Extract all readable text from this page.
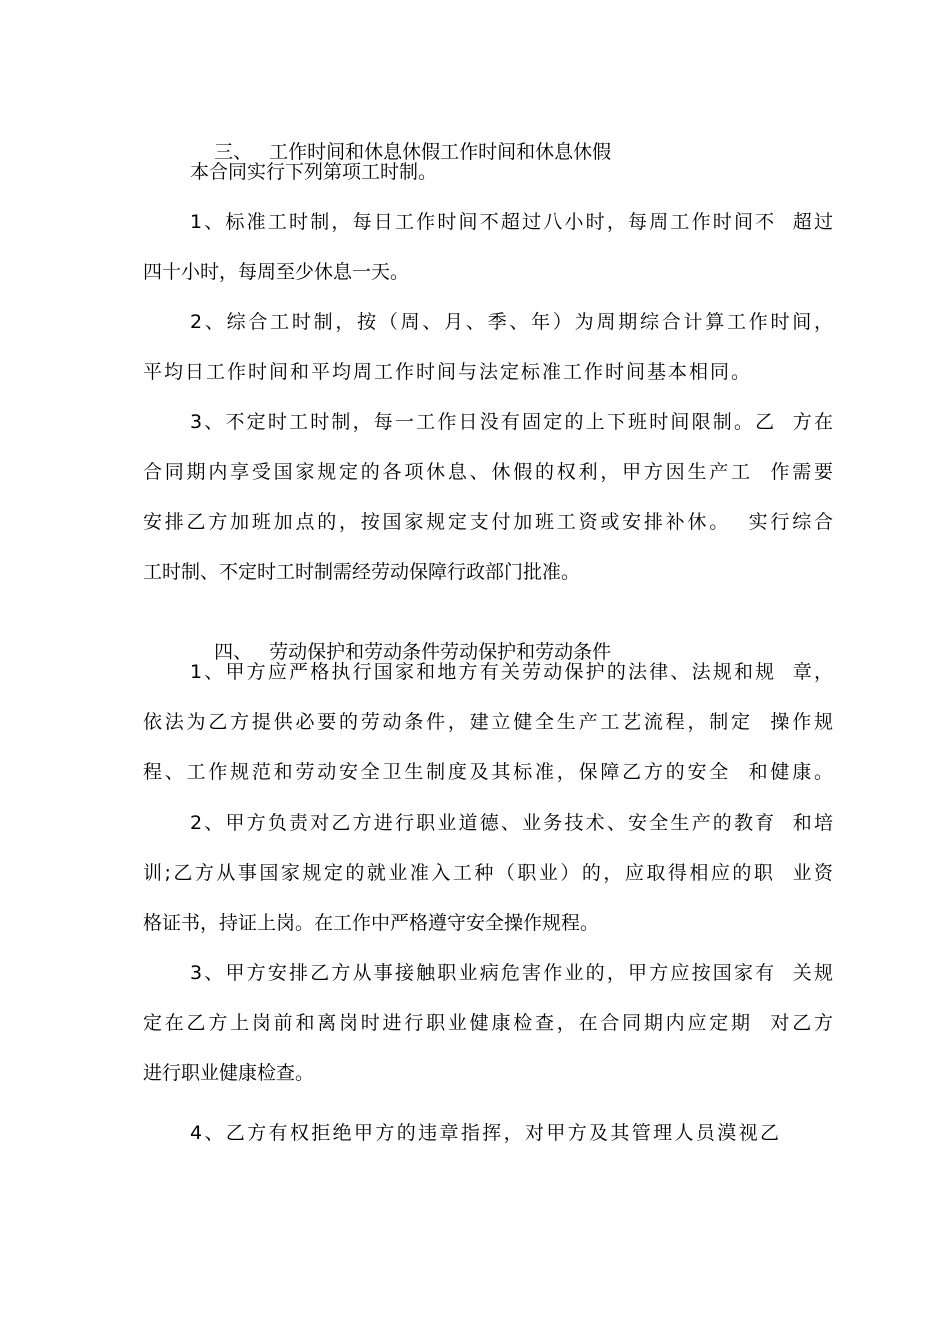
三、 工作时间和休息休假工作时间和休息休假

本合同实行下列第项工时制。
1、标准工时制，每日工作时间不超过八小时，每周工作时间不  超过
四十小时，每周至少休息一天。
2、综合工时制，按（周、月、季、年）为周期综合计算工作时间，
平均日工作时间和平均周工作时间与法定标准工作时间基本相同。
3、不定时工时制，每一工作日没有固定的上下班时间限制。乙  方在
合同期内享受国家规定的各项休息、休假的权利，甲方因生产工  作需要
安排乙方加班加点的，按国家规定支付加班工资或安排补休。  实行综合
工时制、不定时工时制需经劳动保障行政部门批准。

四、 劳动保护和劳动条件劳动保护和劳动条件

1、甲方应严格执行国家和地方有关劳动保护的法律、法规和规  章，
依法为乙方提供必要的劳动条件，建立健全生产工艺流程，制定  操作规
程、工作规范和劳动安全卫生制度及其标准，保障乙方的安全  和健康。
2、甲方负责对乙方进行职业道德、业务技术、安全生产的教育  和培
训;乙方从事国家规定的就业准入工种（职业）的，应取得相应的职  业资
格证书，持证上岗。在工作中严格遵守安全操作规程。
3、甲方安排乙方从事接触职业病危害作业的，甲方应按国家有  关规
定在乙方上岗前和离岗时进行职业健康检查，在合同期内应定期  对乙方
进行职业健康检查。
4、乙方有权拒绝甲方的违章指挥，对甲方及其管理人员漠视乙
